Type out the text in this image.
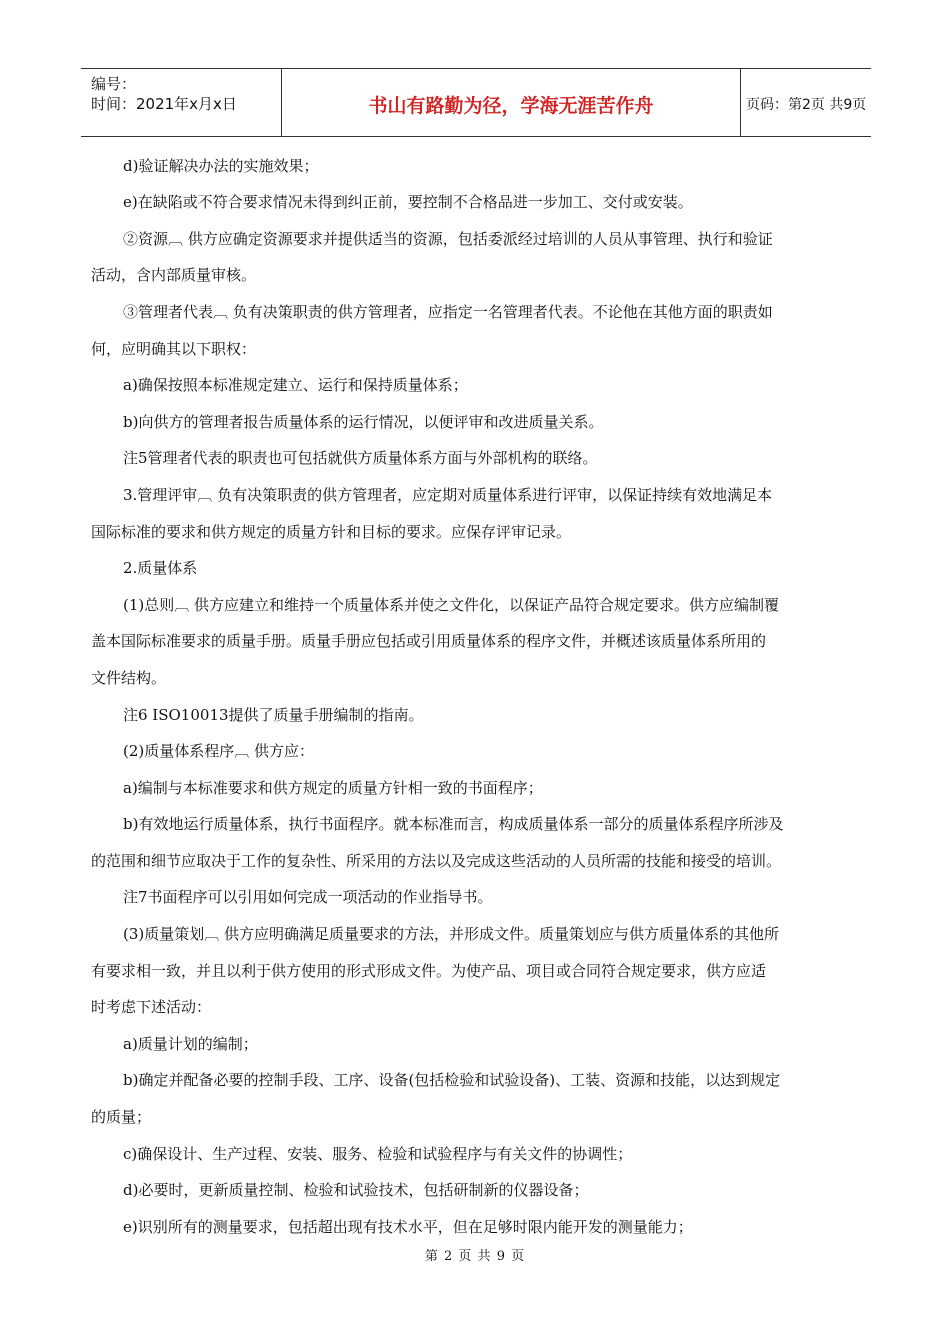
编号：
时间：2021年x月x日	书山有路勤为径，学海无涯苦作舟	页码：第2页 共9页

d)验证解决办法的实施效果；

e)在缺陷或不符合要求情况未得到纠正前，要控制不合格品进一步加工、交付或安装。

②资源︹ 供方应确定资源要求并提供适当的资源，包括委派经过培训的人员从事管理、执行和验证

活动，含内部质量审核。

③管理者代表︹ 负有决策职责的供方管理者，应指定一名管理者代表。不论他在其他方面的职责如

何，应明确其以下职权：

a)确保按照本标准规定建立、运行和保持质量体系；

b)向供方的管理者报告质量体系的运行情况，以便评审和改进质量关系。

注5管理者代表的职责也可包括就供方质量体系方面与外部机构的联络。

3.管理评审︹ 负有决策职责的供方管理者，应定期对质量体系进行评审，以保证持续有效地满足本

国际标准的要求和供方规定的质量方针和目标的要求。应保存评审记录。

2.质量体系

(1)总则︹ 供方应建立和维持一个质量体系并使之文件化，以保证产品符合规定要求。供方应编制覆

盖本国际标准要求的质量手册。质量手册应包括或引用质量体系的程序文件，并概述该质量体系所用的

文件结构。

注6 ISO10013提供了质量手册编制的指南。

(2)质量体系程序︹ 供方应：

a)编制与本标准要求和供方规定的质量方针相一致的书面程序；

b)有效地运行质量体系，执行书面程序。就本标准而言，构成质量体系一部分的质量体系程序所涉及

的范围和细节应取决于工作的复杂性、所采用的方法以及完成这些活动的人员所需的技能和接受的培训。

注7书面程序可以引用如何完成一项活动的作业指导书。

(3)质量策划︹ 供方应明确满足质量要求的方法，并形成文件。质量策划应与供方质量体系的其他所

有要求相一致，并且以利于供方使用的形式形成文件。为使产品、项目或合同符合规定要求，供方应适

时考虑下述活动：

a)质量计划的编制；

b)确定并配备必要的控制手段、工序、设备(包括检验和试验设备)、工装、资源和技能，以达到规定

的质量；

c)确保设计、生产过程、安装、服务、检验和试验程序与有关文件的协调性；

d)必要时，更新质量控制、检验和试验技术，包括研制新的仪器设备；

e)识别所有的测量要求，包括超出现有技术水平，但在足够时限内能开发的测量能力；

第 2 页 共 9 页
